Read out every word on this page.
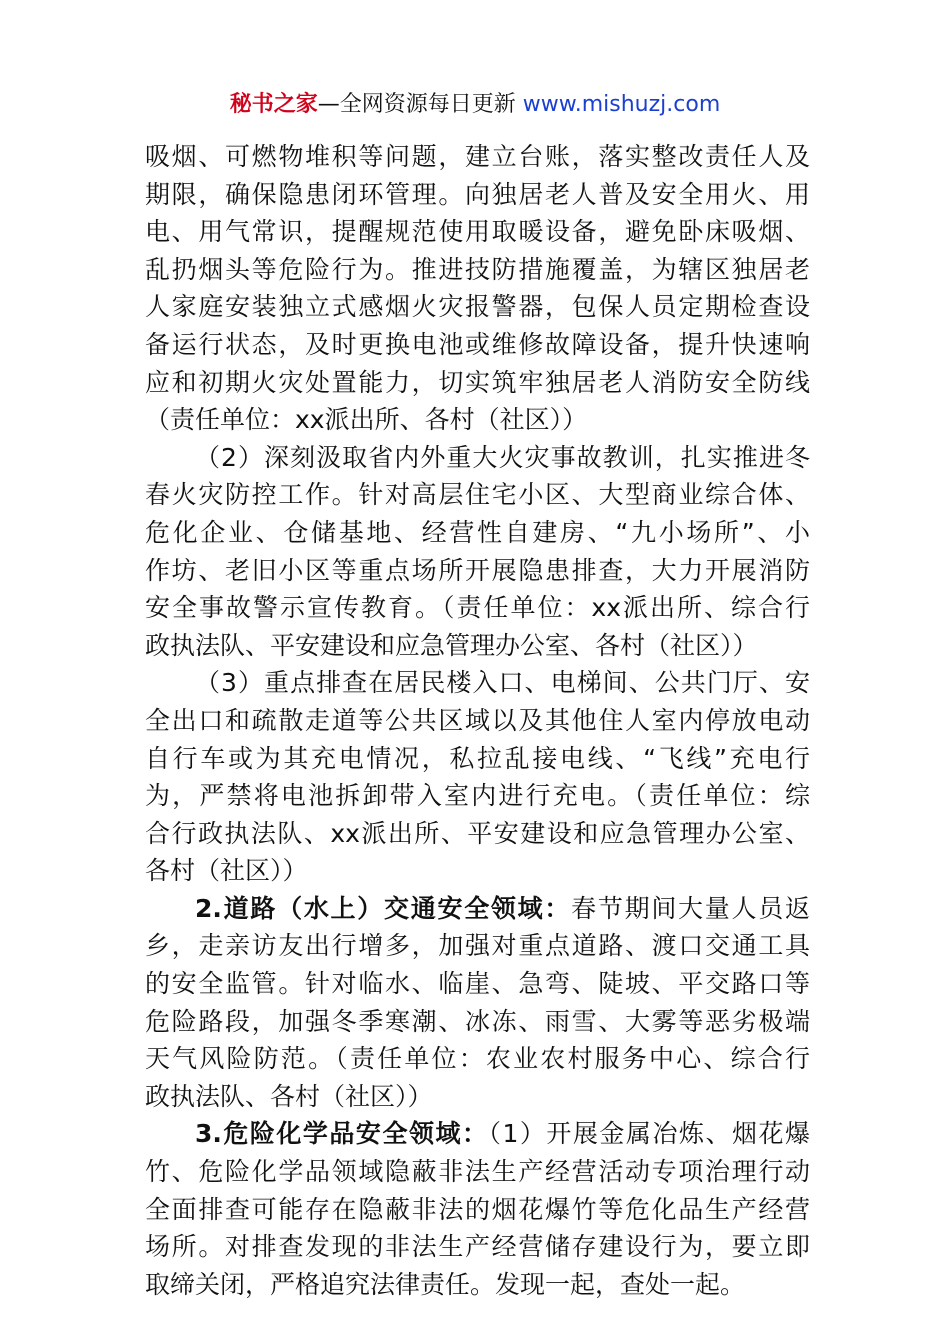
秘书之家—全网资源每日更新 www.mishuzj.com
吸烟、可燃物堆积等问题，建立台账，落实整改责任人及
期限，确保隐患闭环管理。向独居老人普及安全用火、用
电、用气常识，提醒规范使用取暖设备，避免卧床吸烟、
乱扔烟头等危险行为。推进技防措施覆盖，为辖区独居老
人家庭安装独立式感烟火灾报警器，包保人员定期检查设
备运行状态，及时更换电池或维修故障设备，提升快速响
应和初期火灾处置能力，切实筑牢独居老人消防安全防线
（责任单位：xx派出所、各村（社区））
（2）深刻汲取省内外重大火灾事故教训，扎实推进冬
春火灾防控工作。针对高层住宅小区、大型商业综合体、
危化企业、仓储基地、经营性自建房、“九小场所”、小
作坊、老旧小区等重点场所开展隐患排查，大力开展消防
安全事故警示宣传教育。（责任单位：xx派出所、综合行
政执法队、平安建设和应急管理办公室、各村（社区））
（3）重点排查在居民楼入口、电梯间、公共门厅、安
全出口和疏散走道等公共区域以及其他住人室内停放电动
自行车或为其充电情况，私拉乱接电线、“飞线”充电行
为，严禁将电池拆卸带入室内进行充电。（责任单位：综
合行政执法队、xx派出所、平安建设和应急管理办公室、
各村（社区））
2.道路（水上）交通安全领域：春节期间大量人员返
乡，走亲访友出行增多，加强对重点道路、渡口交通工具
的安全监管。针对临水、临崖、急弯、陡坡、平交路口等
危险路段，加强冬季寒潮、冰冻、雨雪、大雾等恶劣极端
天气风险防范。（责任单位：农业农村服务中心、综合行
政执法队、各村（社区））
3.危险化学品安全领域：（1）开展金属冶炼、烟花爆
竹、危险化学品领域隐蔽非法生产经营活动专项治理行动
全面排查可能存在隐蔽非法的烟花爆竹等危化品生产经营
场所。对排查发现的非法生产经营储存建设行为，要立即
取缔关闭，严格追究法律责任。发现一起，查处一起。
